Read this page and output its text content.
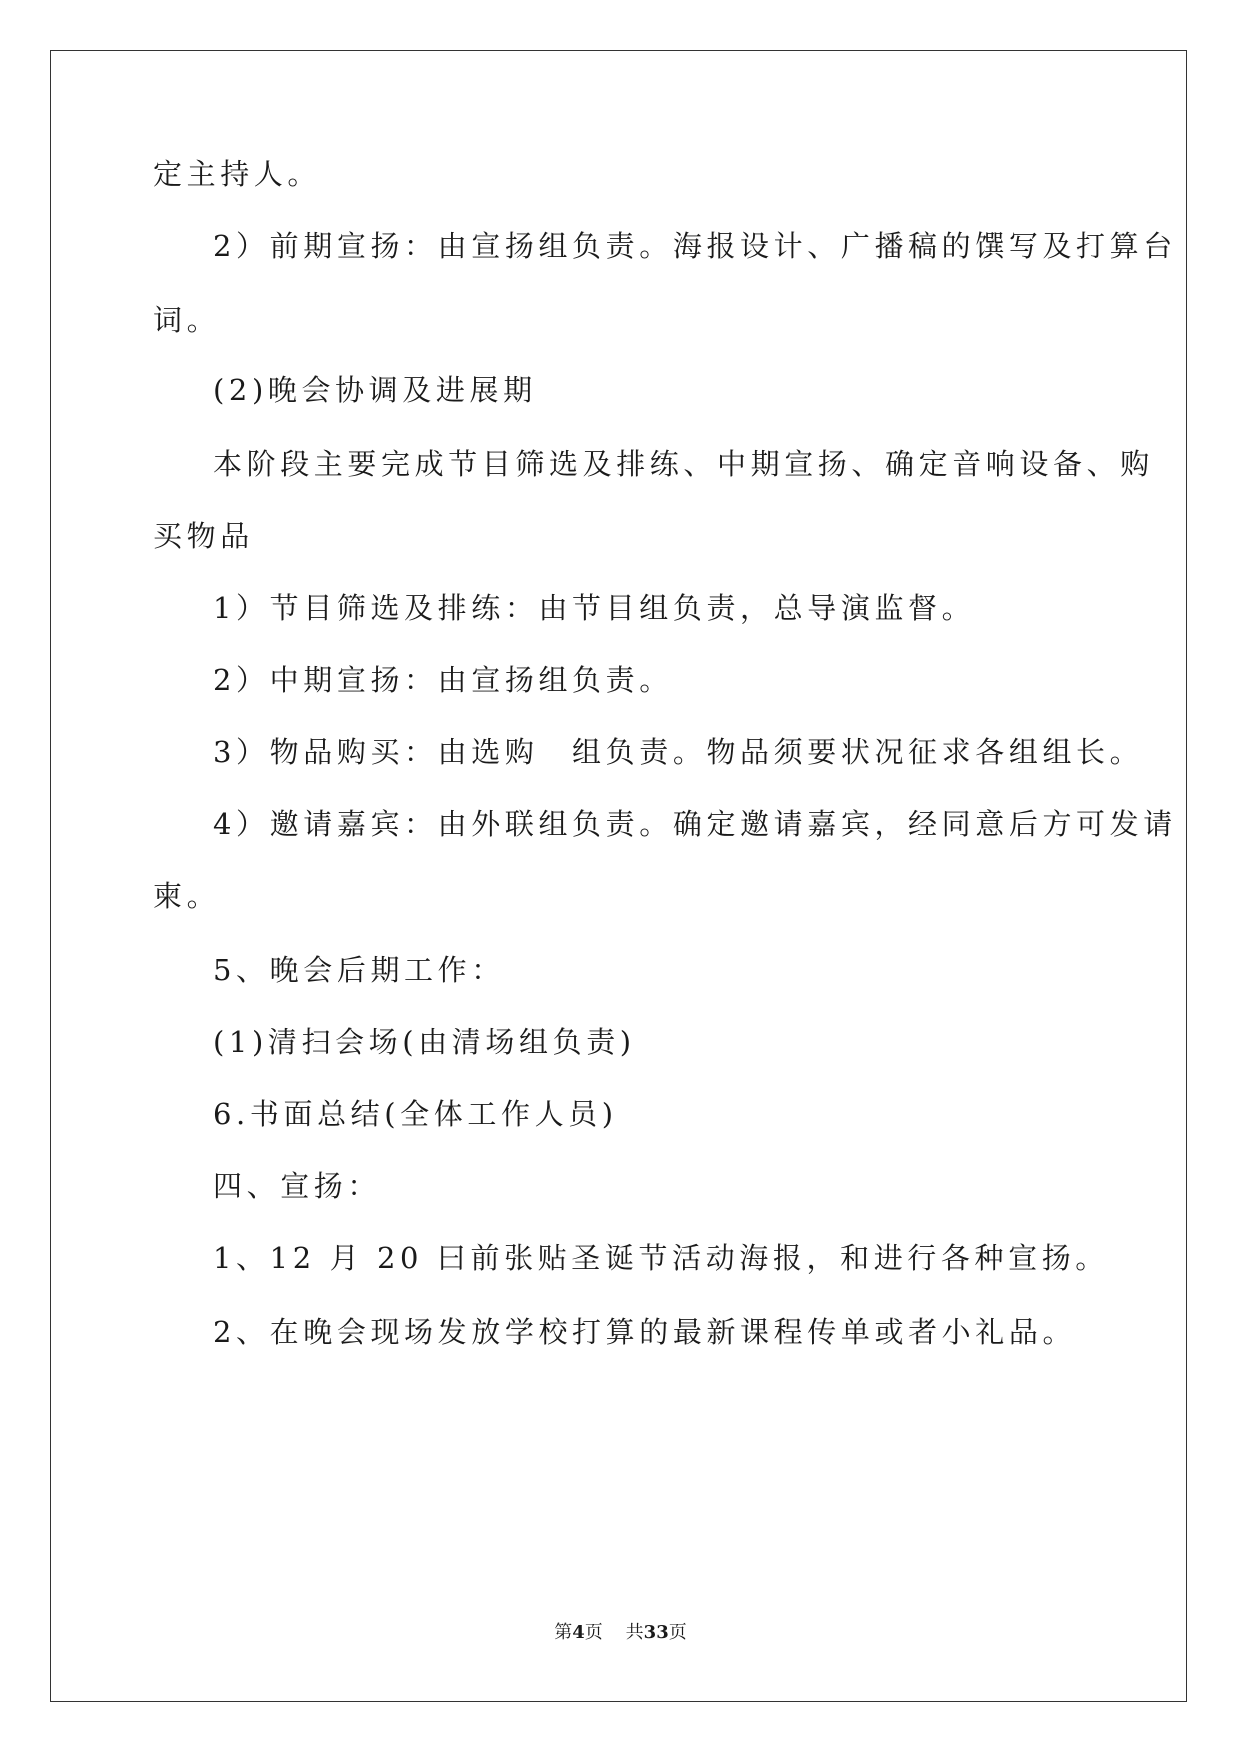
定主持人。
2）前期宣扬：由宣扬组负责。海报设计、广播稿的馔写及打算台
词。
(2)晚会协调及进展期
本阶段主要完成节目筛选及排练、中期宣扬、确定音响设备、购
买物品
1）节目筛选及排练：由节目组负责，总导演监督。
2）中期宣扬：由宣扬组负责。
3）物品购买：由选购　组负责。物品须要状况征求各组组长。
4）邀请嘉宾：由外联组负责。确定邀请嘉宾，经同意后方可发请
柬。
5、晚会后期工作：
(1)清扫会场(由清场组负责)
6.书面总结(全体工作人员)
四、宣扬：
1、12 月 20 曰前张贴圣诞节活动海报，和进行各种宣扬。
2、在晚会现场发放学校打算的最新课程传单或者小礼品。
第4页 共33页
